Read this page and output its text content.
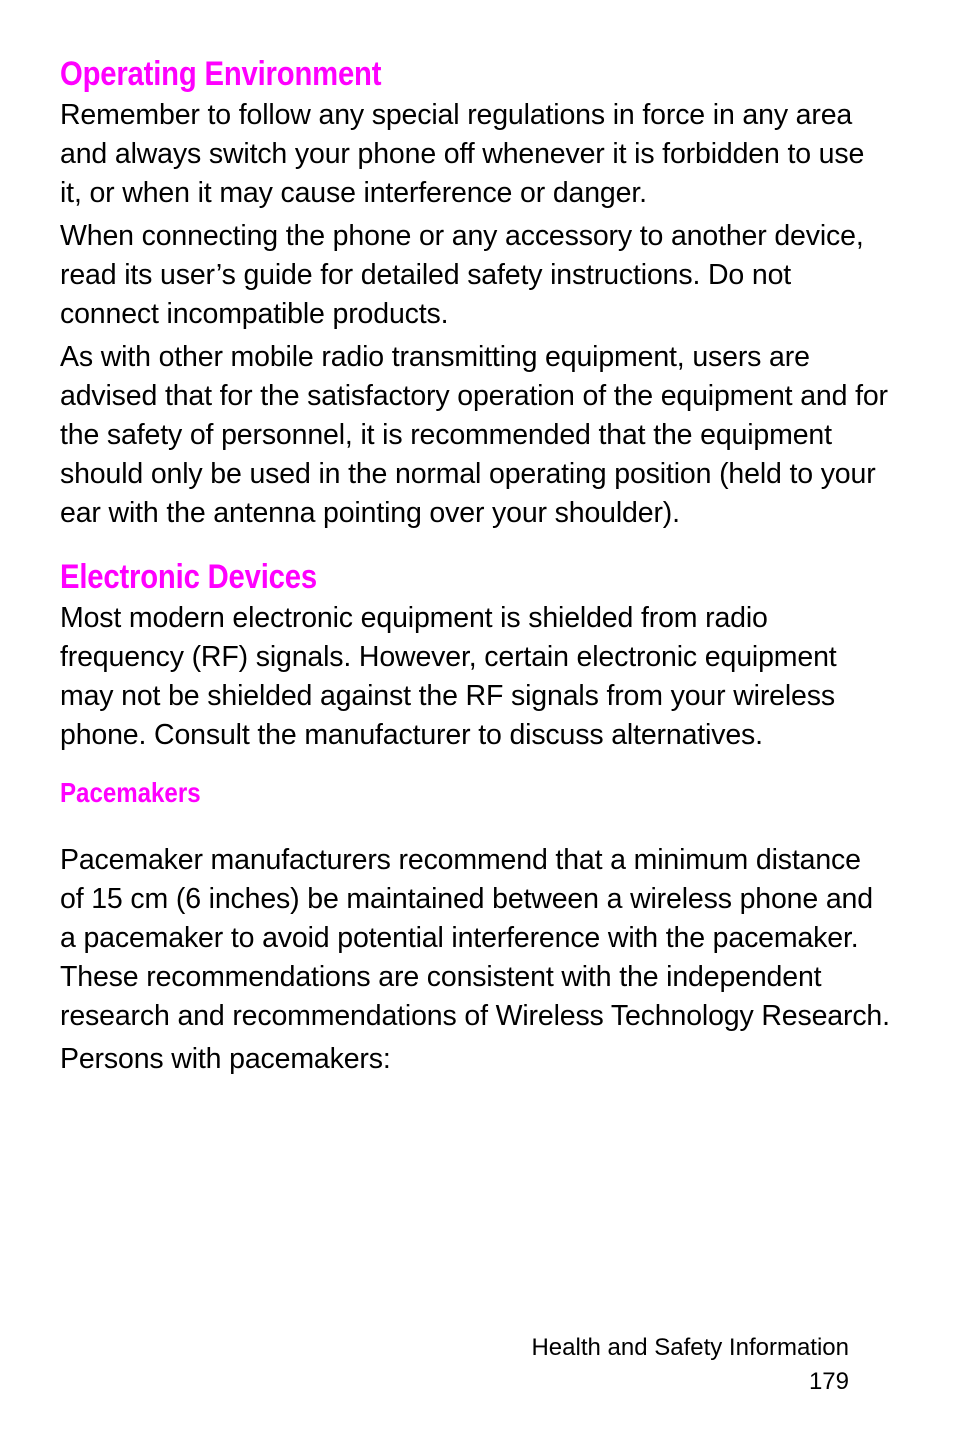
Operating Environment

Remember to follow any special regulations in force in any area and always switch your phone off whenever it is forbidden to use it, or when it may cause interference or danger.

When connecting the phone or any accessory to another device, read its user’s guide for detailed safety instructions. Do not connect incompatible products.

As with other mobile radio transmitting equipment, users are advised that for the satisfactory operation of the equipment and for the safety of personnel, it is recommended that the equipment should only be used in the normal operating position (held to your ear with the antenna pointing over your shoulder).

Electronic Devices

Most modern electronic equipment is shielded from radio frequency (RF) signals. However, certain electronic equipment may not be shielded against the RF signals from your wireless phone. Consult the manufacturer to discuss alternatives.

Pacemakers

Pacemaker manufacturers recommend that a minimum distance of 15 cm (6 inches) be maintained between a wireless phone and a pacemaker to avoid potential interference with the pacemaker. These recommendations are consistent with the independent research and recommendations of Wireless Technology Research.

Persons with pacemakers:

Health and Safety Information
179
